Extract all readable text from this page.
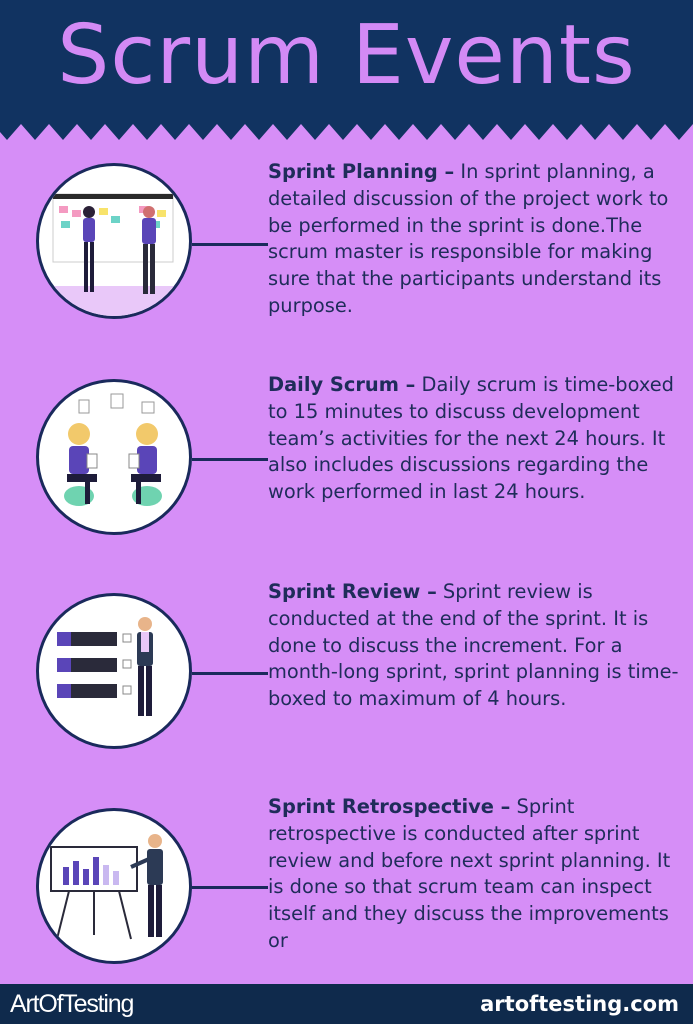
Scrum Events
Sprint Planning – In sprint planning, a detailed discussion of the project work to be performed in the sprint is done.The scrum master is responsible for making sure that the participants understand its purpose.
Daily Scrum – Daily scrum is time-boxed to 15 minutes to discuss development team’s activities for the next 24 hours. It also includes discussions regarding the work performed in last 24 hours.
Sprint Review – Sprint review is conducted at the end of the sprint. It is done to discuss the increment. For a month-long sprint, sprint planning is time-boxed to maximum of 4 hours.
Sprint Retrospective – Sprint retrospective is conducted after sprint review and before next sprint planning. It is done so that scrum team can inspect itself and they discuss the improvements or
ArtOfTesting	artoftesting.com
